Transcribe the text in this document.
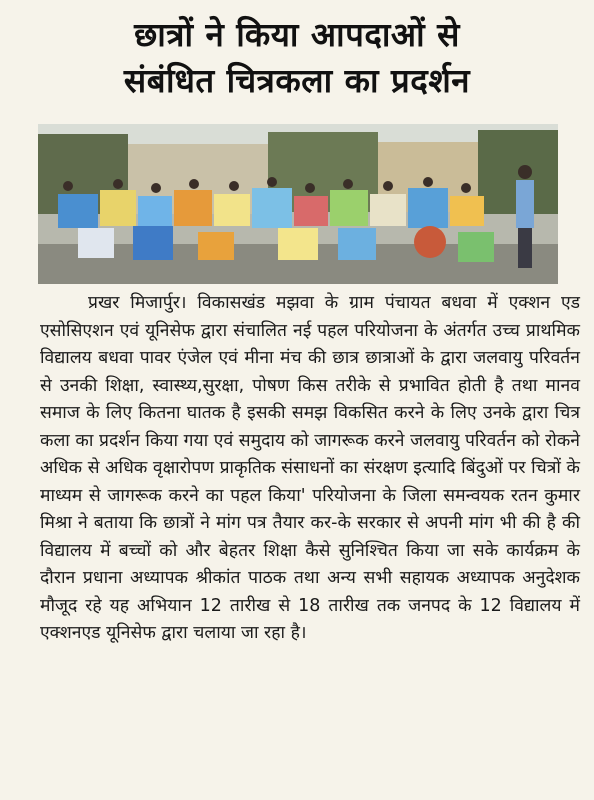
छात्रों ने किया आपदाओं से
संबंधित चित्रकला का प्रदर्शन

प्रखर मिजार्पुर। विकासखंड मझवा के ग्राम पंचायत बधवा में एक्शन एड एसोसिएशन एवं यूनिसेफ द्वारा संचालित नई पहल परियोजना के अंतर्गत उच्च प्राथमिक विद्यालय बधवा पावर एंजेल एवं मीना मंच की छात्र छात्राओं के द्वारा जलवायु परिवर्तन से उनकी शिक्षा, स्वास्थ्य,सुरक्षा, पोषण किस तरीके से प्रभावित होती है तथा मानव समाज के लिए कितना घातक है इसकी समझ विकसित करने के लिए उनके द्वारा चित्र कला का प्रदर्शन किया गया एवं समुदाय को जागरूक करने जलवायु परिवर्तन को रोकने अधिक से अधिक वृक्षारोपण प्राकृतिक संसाधनों का संरक्षण इत्यादि बिंदुओं पर चित्रों के माध्यम से जागरूक करने का पहल किया' परियोजना के जिला समन्वयक रतन कुमार मिश्रा ने बताया कि छात्रों ने मांग पत्र तैयार कर-के सरकार से अपनी मांग भी की है की विद्यालय में बच्चों को और बेहतर शिक्षा कैसे सुनिश्चित किया जा सके कार्यक्रम के दौरान प्रधाना अध्यापक श्रीकांत पाठक तथा अन्य सभी सहायक अध्यापक अनुदेशक मौजूद रहे यह अभियान 12 तारीख से 18 तारीख तक जनपद के 12 विद्यालय में एक्शनएड यूनिसेफ द्वारा चलाया जा रहा है।
